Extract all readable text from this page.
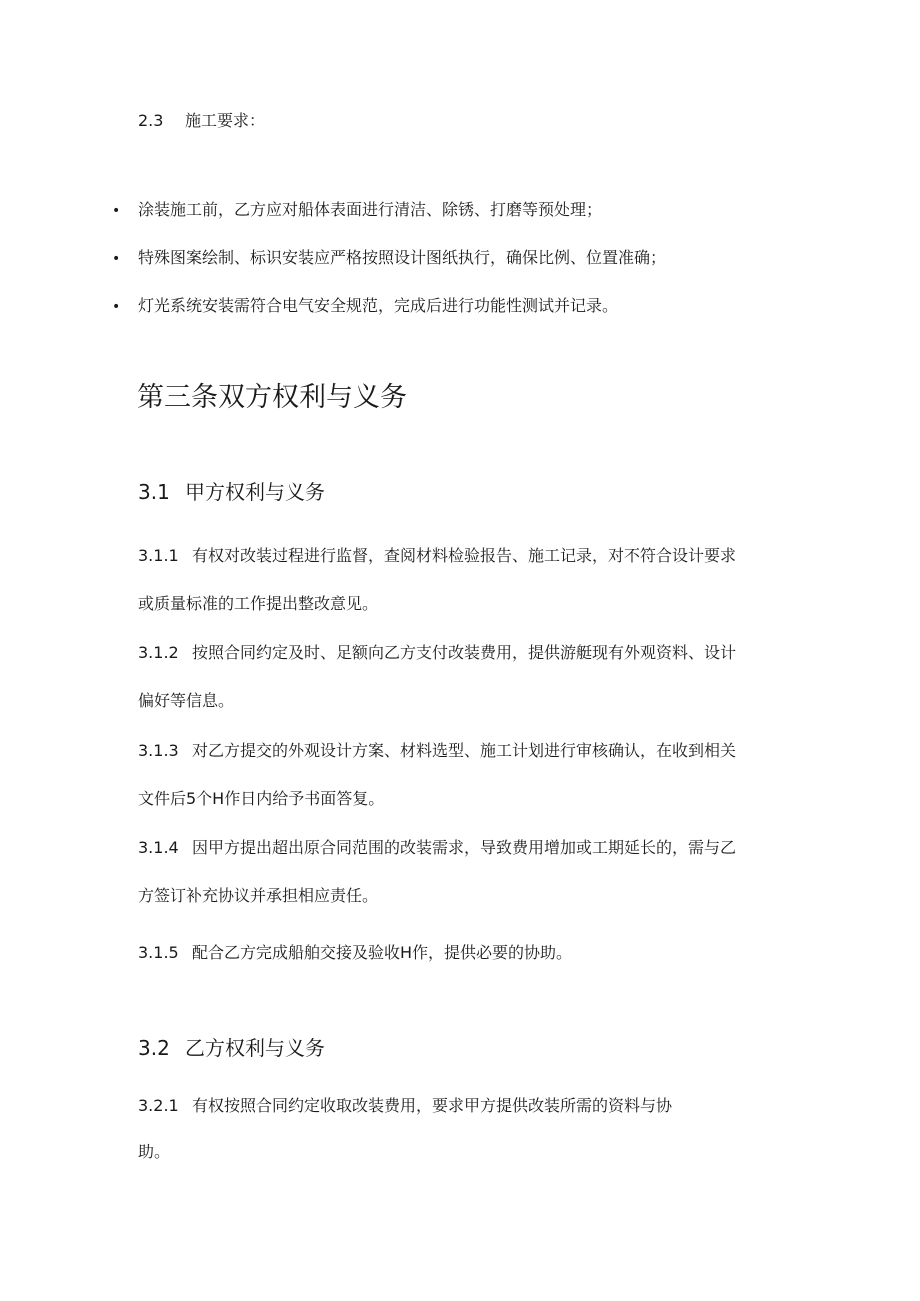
2.3 施工要求：
• 涂装施工前，乙方应对船体表面进行清洁、除锈、打磨等预处理；
• 特殊图案绘制、标识安装应严格按照设计图纸执行，确保比例、位置准确；
• 灯光系统安装需符合电气安全规范，完成后进行功能性测试并记录。
第三条双方权利与义务
3.1 甲方权利与义务
3.1.1 有权对改装过程进行监督，查阅材料检验报告、施工记录，对不符合设计要求
或质量标准的工作提出整改意见。
3.1.2 按照合同约定及时、足额向乙方支付改装费用，提供游艇现有外观资料、设计
偏好等信息。
3.1.3 对乙方提交的外观设计方案、材料选型、施工计划进行审核确认，在收到相关
文件后5个H作日内给予书面答复。
3.1.4 因甲方提出超出原合同范围的改装需求，导致费用增加或工期延长的，需与乙
方签订补充协议并承担相应责任。
3.1.5 配合乙方完成船舶交接及验收H作，提供必要的协助。
3.2 乙方权利与义务
3.2.1 有权按照合同约定收取改装费用，要求甲方提供改装所需的资料与协
助。
